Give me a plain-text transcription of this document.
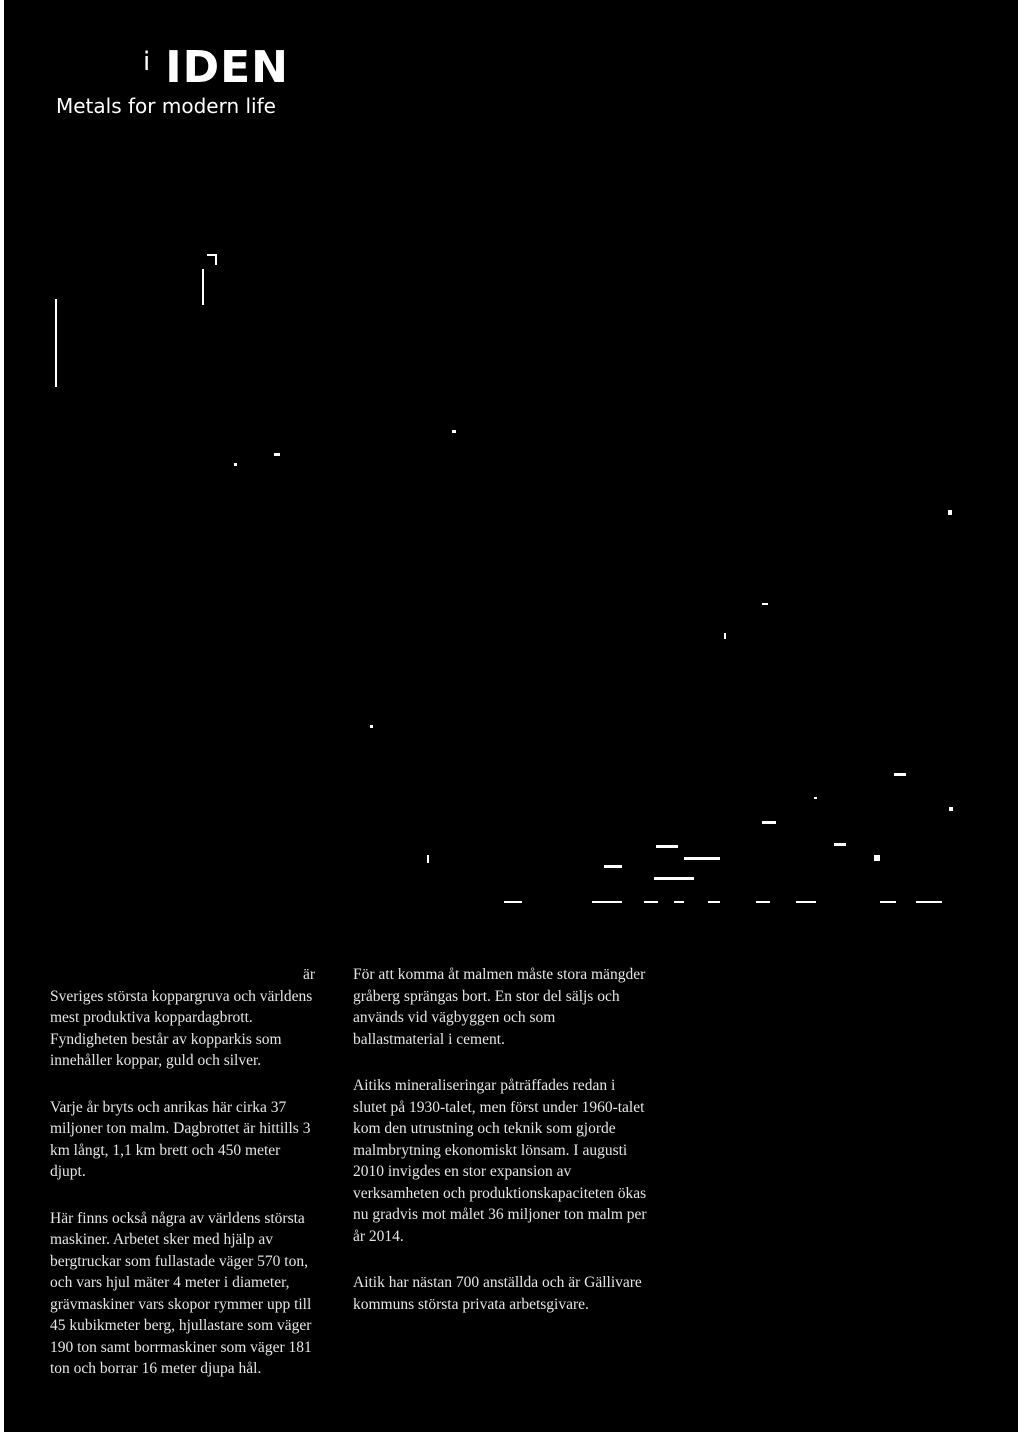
$^i$ IDEN
Metals for modern life

är
Sveriges största koppargruva och världens mest produktiva koppardagbrott. Fyndigheten består av kopparkis som innehåller koppar, guld och silver.

Varje år bryts och anrikas här cirka 37 miljoner ton malm. Dagbrottet är hittills 3 km långt, 1,1 km brett och 450 meter djupt.

Här finns också några av världens största maskiner. Arbetet sker med hjälp av bergtruckar som fullastade väger 570 ton, och vars hjul mäter 4 meter i diameter, grävmaskiner vars skopor rymmer upp till 45 kubikmeter berg, hjullastare som väger 190 ton samt borrmaskiner som väger 181 ton och borrar 16 meter djupa hål.

För att komma åt malmen måste stora mängder gråberg sprängas bort. En stor del säljs och används vid vägbyggen och som ballastmaterial i cement.

Aitiks mineraliseringar påträffades redan i slutet på 1930-talet, men först under 1960-talet kom den utrustning och teknik som gjorde malmbrytning ekonomiskt lönsam. I augusti 2010 invigdes en stor expansion av verksamheten och produktionskapaciteten ökas nu gradvis mot målet 36 miljoner ton malm per år 2014.

Aitik har nästan 700 anställda och är Gällivare kommuns största privata arbetsgivare.
